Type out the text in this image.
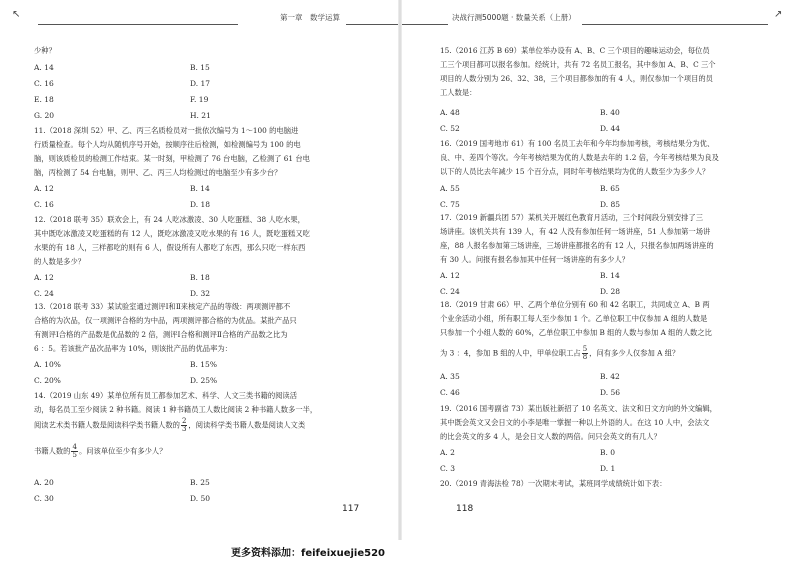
↖	第一章　数学运算
少种？
A. 14	B. 15
C. 16	D. 17
E. 18	F. 19
G. 20	H. 21
11.（2018 深圳 52）甲、乙、丙三名质检员对一批依次编号为 1～100 的电脑进
行质量检查。每个人均从随机序号开始，按顺序往后检测，如检测编号为 100 的电
脑，则该质检员的检测工作结束。某一时刻，甲检测了 76 台电脑，乙检测了 61 台电
脑，丙检测了 54 台电脑，则甲、乙、丙三人均检测过的电脑至少有多少台？
A. 12	B. 14
C. 16	D. 18
12.（2018 联考 35）联欢会上，有 24 人吃冰激凌、30 人吃蛋糕、38 人吃水果，
其中既吃冰激凌又吃蛋糕的有 12 人，既吃冰激凌又吃水果的有 16 人，既吃蛋糕又吃
水果的有 18 人，三样都吃的则有 6 人，假设所有人都吃了东西，那么只吃一样东西
的人数是多少？
A. 12	B. 18
C. 24	D. 32
13.（2018 联考 33）某试验室通过测评Ⅰ和Ⅱ来核定产品的等级：两项测评都不
合格的为次品，仅一项测评合格的为中品，两项测评都合格的为优品。某批产品只
有测评Ⅰ合格的产品数是优品数的 2 倍，测评Ⅰ合格和测评Ⅱ合格的产品数之比为
6 ：5。若该批产品次品率为 10%，则该批产品的优品率为：
A. 10%	B. 15%
C. 20%	D. 25%
14.（2019 山东 49）某单位所有员工都参加艺术、科学、人文三类书籍的阅读活
动，每名员工至少阅读 2 种书籍。阅读 1 种书籍员工人数比阅读 2 种书籍人数多一半，
阅读艺术类书籍人数是阅读科学类书籍人数的 $\frac{2}{3}$ ，阅读科学类书籍人数是阅读人文类
书籍人数的 $\frac{4}{5}$ 。问该单位至少有多少人？
A. 20	B. 25
C. 30	D. 50
117
决战行测5000题 · 数量关系（上册）	↗
15.（2016 江苏 B 69）某单位举办设有 A、B、C 三个项目的趣味运动会，每位员
工三个项目都可以报名参加。经统计，共有 72 名员工报名，其中参加 A、B、C 三个
项目的人数分别为 26、32、38，三个项目都参加的有 4 人，则仅参加一个项目的员
工人数是：
A. 48	B. 40
C. 52	D. 44
16.（2019 国考地市 61）有 100 名员工去年和今年均参加考核，考核结果分为优、
良、中、差四个等次。今年考核结果为优的人数是去年的 1.2 倍，今年考核结果为良及
以下的人员比去年减少 15 个百分点，同时年考核结果均为优的人数至少为多少人？
A. 55	B. 65
C. 75	D. 85
17.（2019 新疆兵团 57）某机关开展红色教育月活动，三个时间段分别安排了三
场讲座。该机关共有 139 人，有 42 人没有参加任何一场讲座，51 人参加第一场讲
座，88 人报名参加第三场讲座，三场讲座都报名的有 12 人，只报名参加两场讲座的
有 30 人。问报有报名参加其中任何一场讲座的有多少人？
A. 12	B. 14
C. 24	D. 28
18.（2019 甘肃 66）甲、乙两个单位分别有 60 和 42 名职工，共同成立 A、B 两
个业余活动小组，所有职工每人至少参加 1 个。乙单位职工中仅参加 A 组的人数是
只参加一个小组人数的 60%，乙单位职工中参加 B 组的人数与参加 A 组的人数之比
为 3 ：4，参加 B 组的人中，甲单位职工占 $\frac{5}{8}$ ，问有多少人仅参加 A 组？
A. 35	B. 42
C. 46	D. 56
19.（2016 国考副省 73）某出版社新招了 10 名英文、法文和日文方向的外文编辑，
其中既会英文又会日文的小李是唯一掌握一种以上外语的人。在这 10 人中，会法文
的比会英文的多 4 人，是会日文人数的两倍。问只会英文的有几人？
A. 2	B. 0
C. 3	D. 1
20.（2019 青海法检 78）一次期末考试，某班同学成绩统计如下表：
118
更多资料添加：feifeixuejie520
